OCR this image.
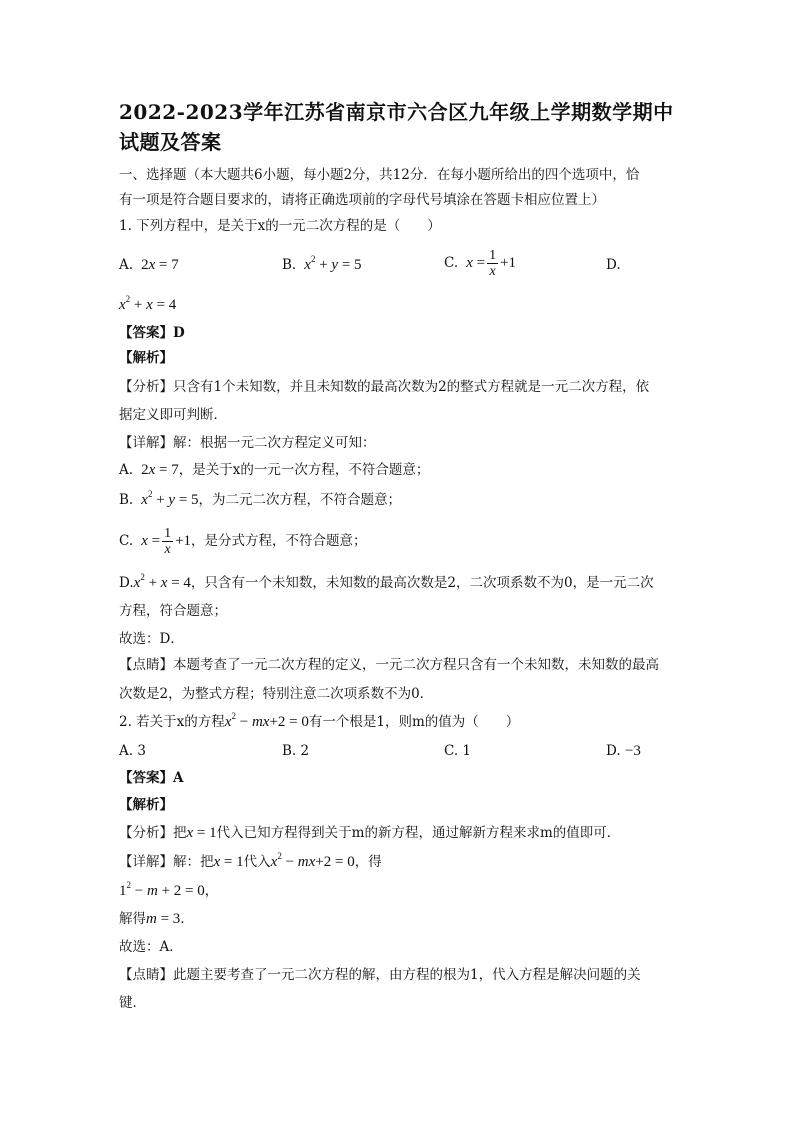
2022-2023学年江苏省南京市六合区九年级上学期数学期中
试题及答案
一、选择题（本大题共6小题，每小题2分，共12分．在每小题所给出的四个选项中，恰
有一项是符合题目要求的，请将正确选项前的字母代号填涂在答题卡相应位置上）
1. 下列方程中，是关于x的一元二次方程的是（　　）
A.  2x = 7	B. $x^2 + y = 5$	C. $x = \frac{1}{x} +1$	D.
$x^2 + x = 4$
【答案】D
【解析】
【分析】只含有1个未知数，并且未知数的最高次数为2的整式方程就是一元二次方程，依
据定义即可判断．
【详解】解：根据一元二次方程定义可知：
A.  2x = 7，是关于x的一元一次方程，不符合题意；
B. $x^2 + y = 5$，为二元二次方程，不符合题意；
C. $x = \frac{1}{x} +1$，是分式方程，不符合题意；
$D.x^2 + x = 4$，只含有一个未知数，未知数的最高次数是2，二次项系数不为0，是一元二次
方程，符合题意；
故选：D．
【点睛】本题考查了一元二次方程的定义，一元二次方程只含有一个未知数，未知数的最高
次数是2，为整式方程；特别注意二次项系数不为0．
2. 若关于x的方程$x^2 - mx+2 = 0$有一个根是1，则m的值为（　　）
A. 3	B. 2	C. 1	D. −3
【答案】A
【解析】
【分析】把x = 1代入已知方程得到关于m的新方程，通过解新方程来求m的值即可．
【详解】解：把x = 1代入$x^2 - mx+2 = 0$，得
$1^2 - m + 2 = 0$，
解得m = 3．
故选：A．
【点睛】此题主要考查了一元二次方程的解，由方程的根为1，代入方程是解决问题的关
键．
